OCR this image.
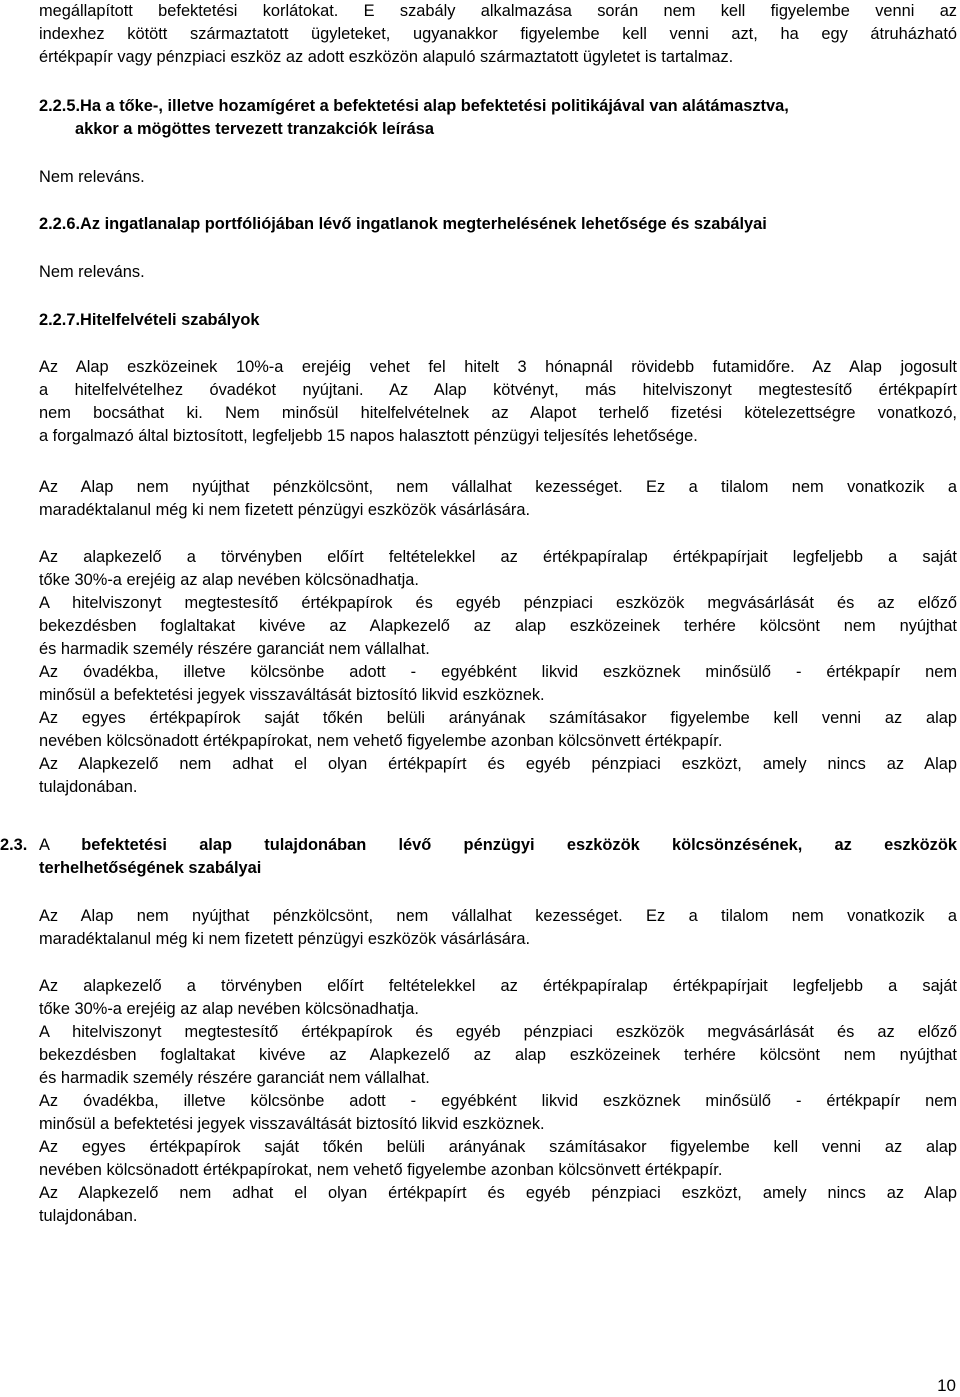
megállapított befektetési korlátokat. E szabály alkalmazása során nem kell figyelembe venni az
indexhez kötött származtatott ügyleteket, ugyanakkor figyelembe kell venni azt, ha egy átruházható
értékpapír vagy pénzpiaci eszköz az adott eszközön alapuló származtatott ügyletet is tartalmaz.
2.2.5.Ha a tőke-, illetve hozamígéret a befektetési alap befektetési politikájával van alátámasztva,
akkor a mögöttes tervezett tranzakciók leírása
Nem releváns.
2.2.6.Az ingatlanalap portfóliójában lévő ingatlanok megterhelésének lehetősége és szabályai
Nem releváns.
2.2.7.Hitelfelvételi szabályok
Az Alap eszközeinek 10%-a erejéig vehet fel hitelt 3 hónapnál rövidebb futamidőre. Az Alap jogosult
a hitelfelvételhez óvadékot nyújtani. Az Alap kötvényt, más hitelviszonyt megtestesítő értékpapírt
nem bocsáthat ki. Nem minősül hitelfelvételnek az Alapot terhelő fizetési kötelezettségre vonatkozó,
a forgalmazó által biztosított, legfeljebb 15 napos halasztott pénzügyi teljesítés lehetősége.
Az Alap nem nyújthat pénzkölcsönt, nem vállalhat kezességet. Ez a tilalom nem vonatkozik a
maradéktalanul még ki nem fizetett pénzügyi eszközök vásárlására.
Az alapkezelő a törvényben előírt feltételekkel az értékpapíralap értékpapírjait legfeljebb a saját
tőke 30%-a erejéig az alap nevében kölcsönadhatja.
A hitelviszonyt megtestesítő értékpapírok és egyéb pénzpiaci eszközök megvásárlását és az előző
bekezdésben foglaltakat kivéve az Alapkezelő az alap eszközeinek terhére kölcsönt nem nyújthat
és harmadik személy részére garanciát nem vállalhat.
Az óvadékba, illetve kölcsönbe adott - egyébként likvid eszköznek minősülő - értékpapír nem
minősül a befektetési jegyek visszaváltását biztosító likvid eszköznek.
Az egyes értékpapírok saját tőkén belüli arányának számításakor figyelembe kell venni az alap
nevében kölcsönadott értékpapírokat, nem vehető figyelembe azonban kölcsönvett értékpapír.
Az Alapkezelő nem adhat el olyan értékpapírt és egyéb pénzpiaci eszközt, amely nincs az Alap
tulajdonában.
2.3. A befektetési alap tulajdonában lévő pénzügyi eszközök kölcsönzésének, az eszközök
terhelhetőségének szabályai
Az Alap nem nyújthat pénzkölcsönt, nem vállalhat kezességet. Ez a tilalom nem vonatkozik a
maradéktalanul még ki nem fizetett pénzügyi eszközök vásárlására.
Az alapkezelő a törvényben előírt feltételekkel az értékpapíralap értékpapírjait legfeljebb a saját
tőke 30%-a erejéig az alap nevében kölcsönadhatja.
A hitelviszonyt megtestesítő értékpapírok és egyéb pénzpiaci eszközök megvásárlását és az előző
bekezdésben foglaltakat kivéve az Alapkezelő az alap eszközeinek terhére kölcsönt nem nyújthat
és harmadik személy részére garanciát nem vállalhat.
Az óvadékba, illetve kölcsönbe adott - egyébként likvid eszköznek minősülő - értékpapír nem
minősül a befektetési jegyek visszaváltását biztosító likvid eszköznek.
Az egyes értékpapírok saját tőkén belüli arányának számításakor figyelembe kell venni az alap
nevében kölcsönadott értékpapírokat, nem vehető figyelembe azonban kölcsönvett értékpapír.
Az Alapkezelő nem adhat el olyan értékpapírt és egyéb pénzpiaci eszközt, amely nincs az Alap
tulajdonában.
10
